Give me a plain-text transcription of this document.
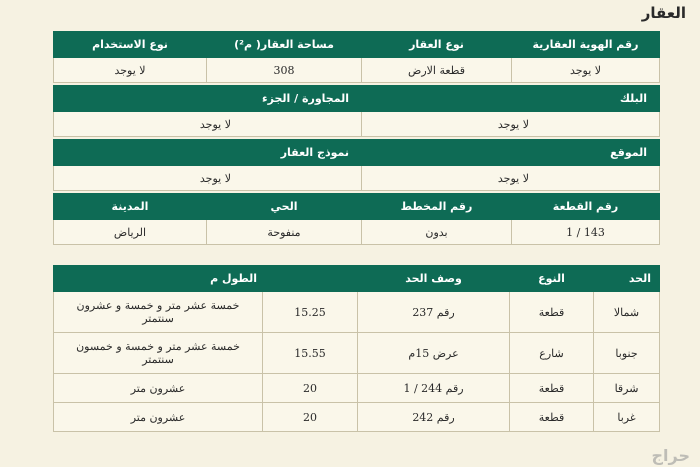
العقار
رقم الهوية العقارية	نوع العقار	مساحة العقار( م²)	نوع الاستخدام
لا يوجد	قطعة الارض	308	لا يوجد

البلك		المجاورة / الجزء	
لا يوجد		لا يوجد	

الموقع		نموذج العقار	
لا يوجد		لا يوجد	

رقم القطعة	رقم المخطط	الحي	المدينة
143 / 1	بدون	منفوحة	الرياض
الحد	النوع	وصف الحد	الطول م	
شمالا	قطعة	رقم 237	15.25	خمسة عشر متر و خمسة و عشرون سنتمتر
جنوبا	شارع	عرض 15م	15.55	خمسة عشر متر و خمسة و خمسون سنتمتر
شرقا	قطعة	رقم 244 / 1	20	عشرون متر
غربا	قطعة	رقم 242	20	عشرون متر
حراج
